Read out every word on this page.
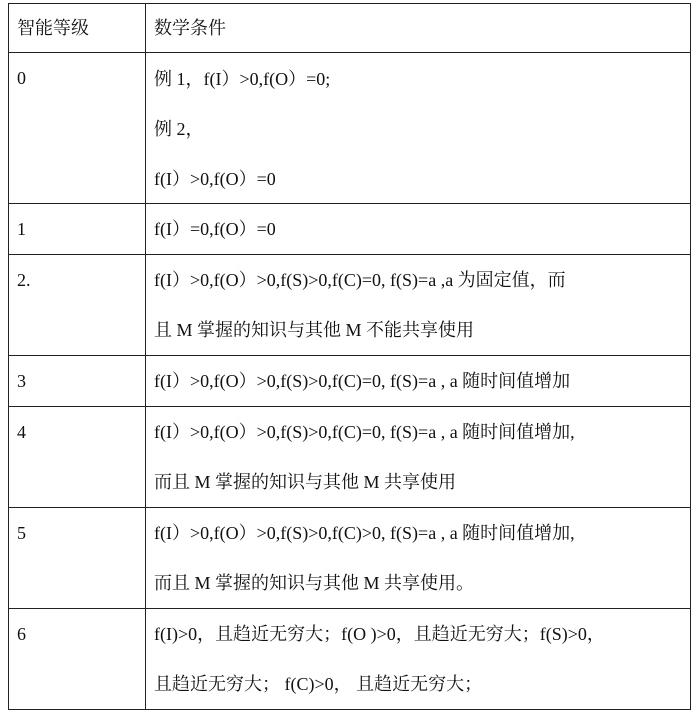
智能等级	数学条件

0	例 1，f(I）>0,f(O）=0;
例 2，
f(I）>0,f(O）=0

1	f(I）=0,f(O）=0

2.	f(I）>0,f(O）>0,f(S)>0,f(C)=0, f(S)=a ,a 为固定值，而
且 M 掌握的知识与其他 M 不能共享使用

3	f(I）>0,f(O）>0,f(S)>0,f(C)=0, f(S)=a , a 随时间值增加

4	f(I）>0,f(O）>0,f(S)>0,f(C)=0, f(S)=a , a 随时间值增加,
而且 M 掌握的知识与其他 M 共享使用

5	f(I）>0,f(O）>0,f(S)>0,f(C)>0, f(S)=a , a 随时间值增加,
而且 M 掌握的知识与其他 M 共享使用。

6	f(I)>0，且趋近无穷大；f(O )>0，且趋近无穷大；f(S)>0，
且趋近无穷大； f(C)>0， 且趋近无穷大；
